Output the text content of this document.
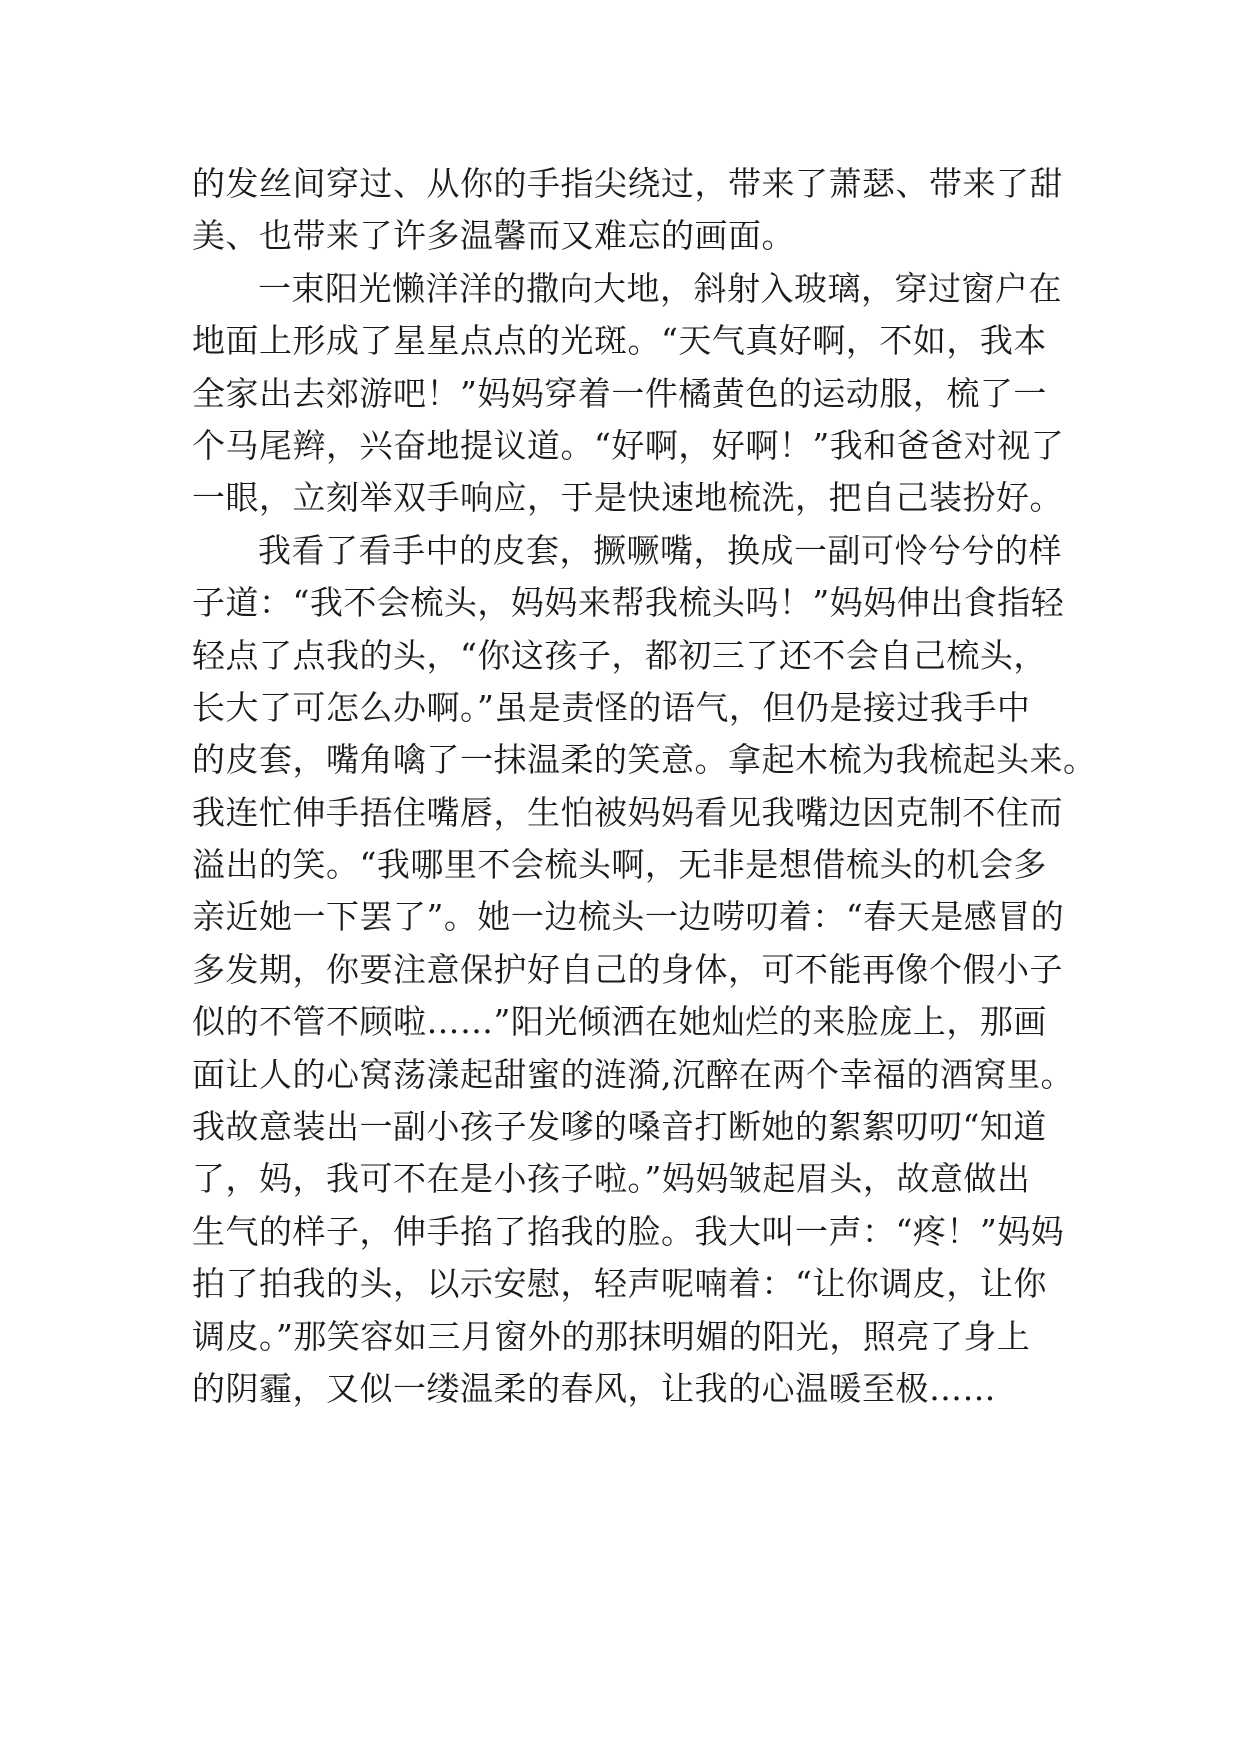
的发丝间穿过、从你的手指尖绕过，带来了萧瑟、带来了甜
美、也带来了许多温馨而又难忘的画面。
一束阳光懒洋洋的撒向大地，斜射入玻璃，穿过窗户在
地面上形成了星星点点的光斑。“天气真好啊，不如，我本
全家出去郊游吧！”妈妈穿着一件橘黄色的运动服，梳了一
个马尾辫，兴奋地提议道。“好啊，好啊！”我和爸爸对视了
一眼，立刻举双手响应，于是快速地梳洗，把自己装扮好。
我看了看手中的皮套，撅噘嘴，换成一副可怜兮兮的样
子道：“我不会梳头，妈妈来帮我梳头吗！”妈妈伸出食指轻
轻点了点我的头，“你这孩子，都初三了还不会自己梳头，
长大了可怎么办啊。”虽是责怪的语气，但仍是接过我手中
的皮套，嘴角噙了一抹温柔的笑意。拿起木梳为我梳起头来。
我连忙伸手捂住嘴唇，生怕被妈妈看见我嘴边因克制不住而
溢出的笑。“我哪里不会梳头啊，无非是想借梳头的机会多
亲近她一下罢了”。她一边梳头一边唠叨着：“春天是感冒的
多发期，你要注意保护好自己的身体，可不能再像个假小子
似的不管不顾啦……”阳光倾洒在她灿烂的来脸庞上，那画
面让人的心窝荡漾起甜蜜的涟漪,沉醉在两个幸福的酒窝里。
我故意装出一副小孩子发嗲的嗓音打断她的絮絮叨叨“知道
了，妈，我可不在是小孩子啦。”妈妈皱起眉头，故意做出
生气的样子，伸手掐了掐我的脸。我大叫一声：“疼！”妈妈
拍了拍我的头，以示安慰，轻声呢喃着：“让你调皮，让你
调皮。”那笑容如三月窗外的那抹明媚的阳光，照亮了身上
的阴霾，又似一缕温柔的春风，让我的心温暖至极……
